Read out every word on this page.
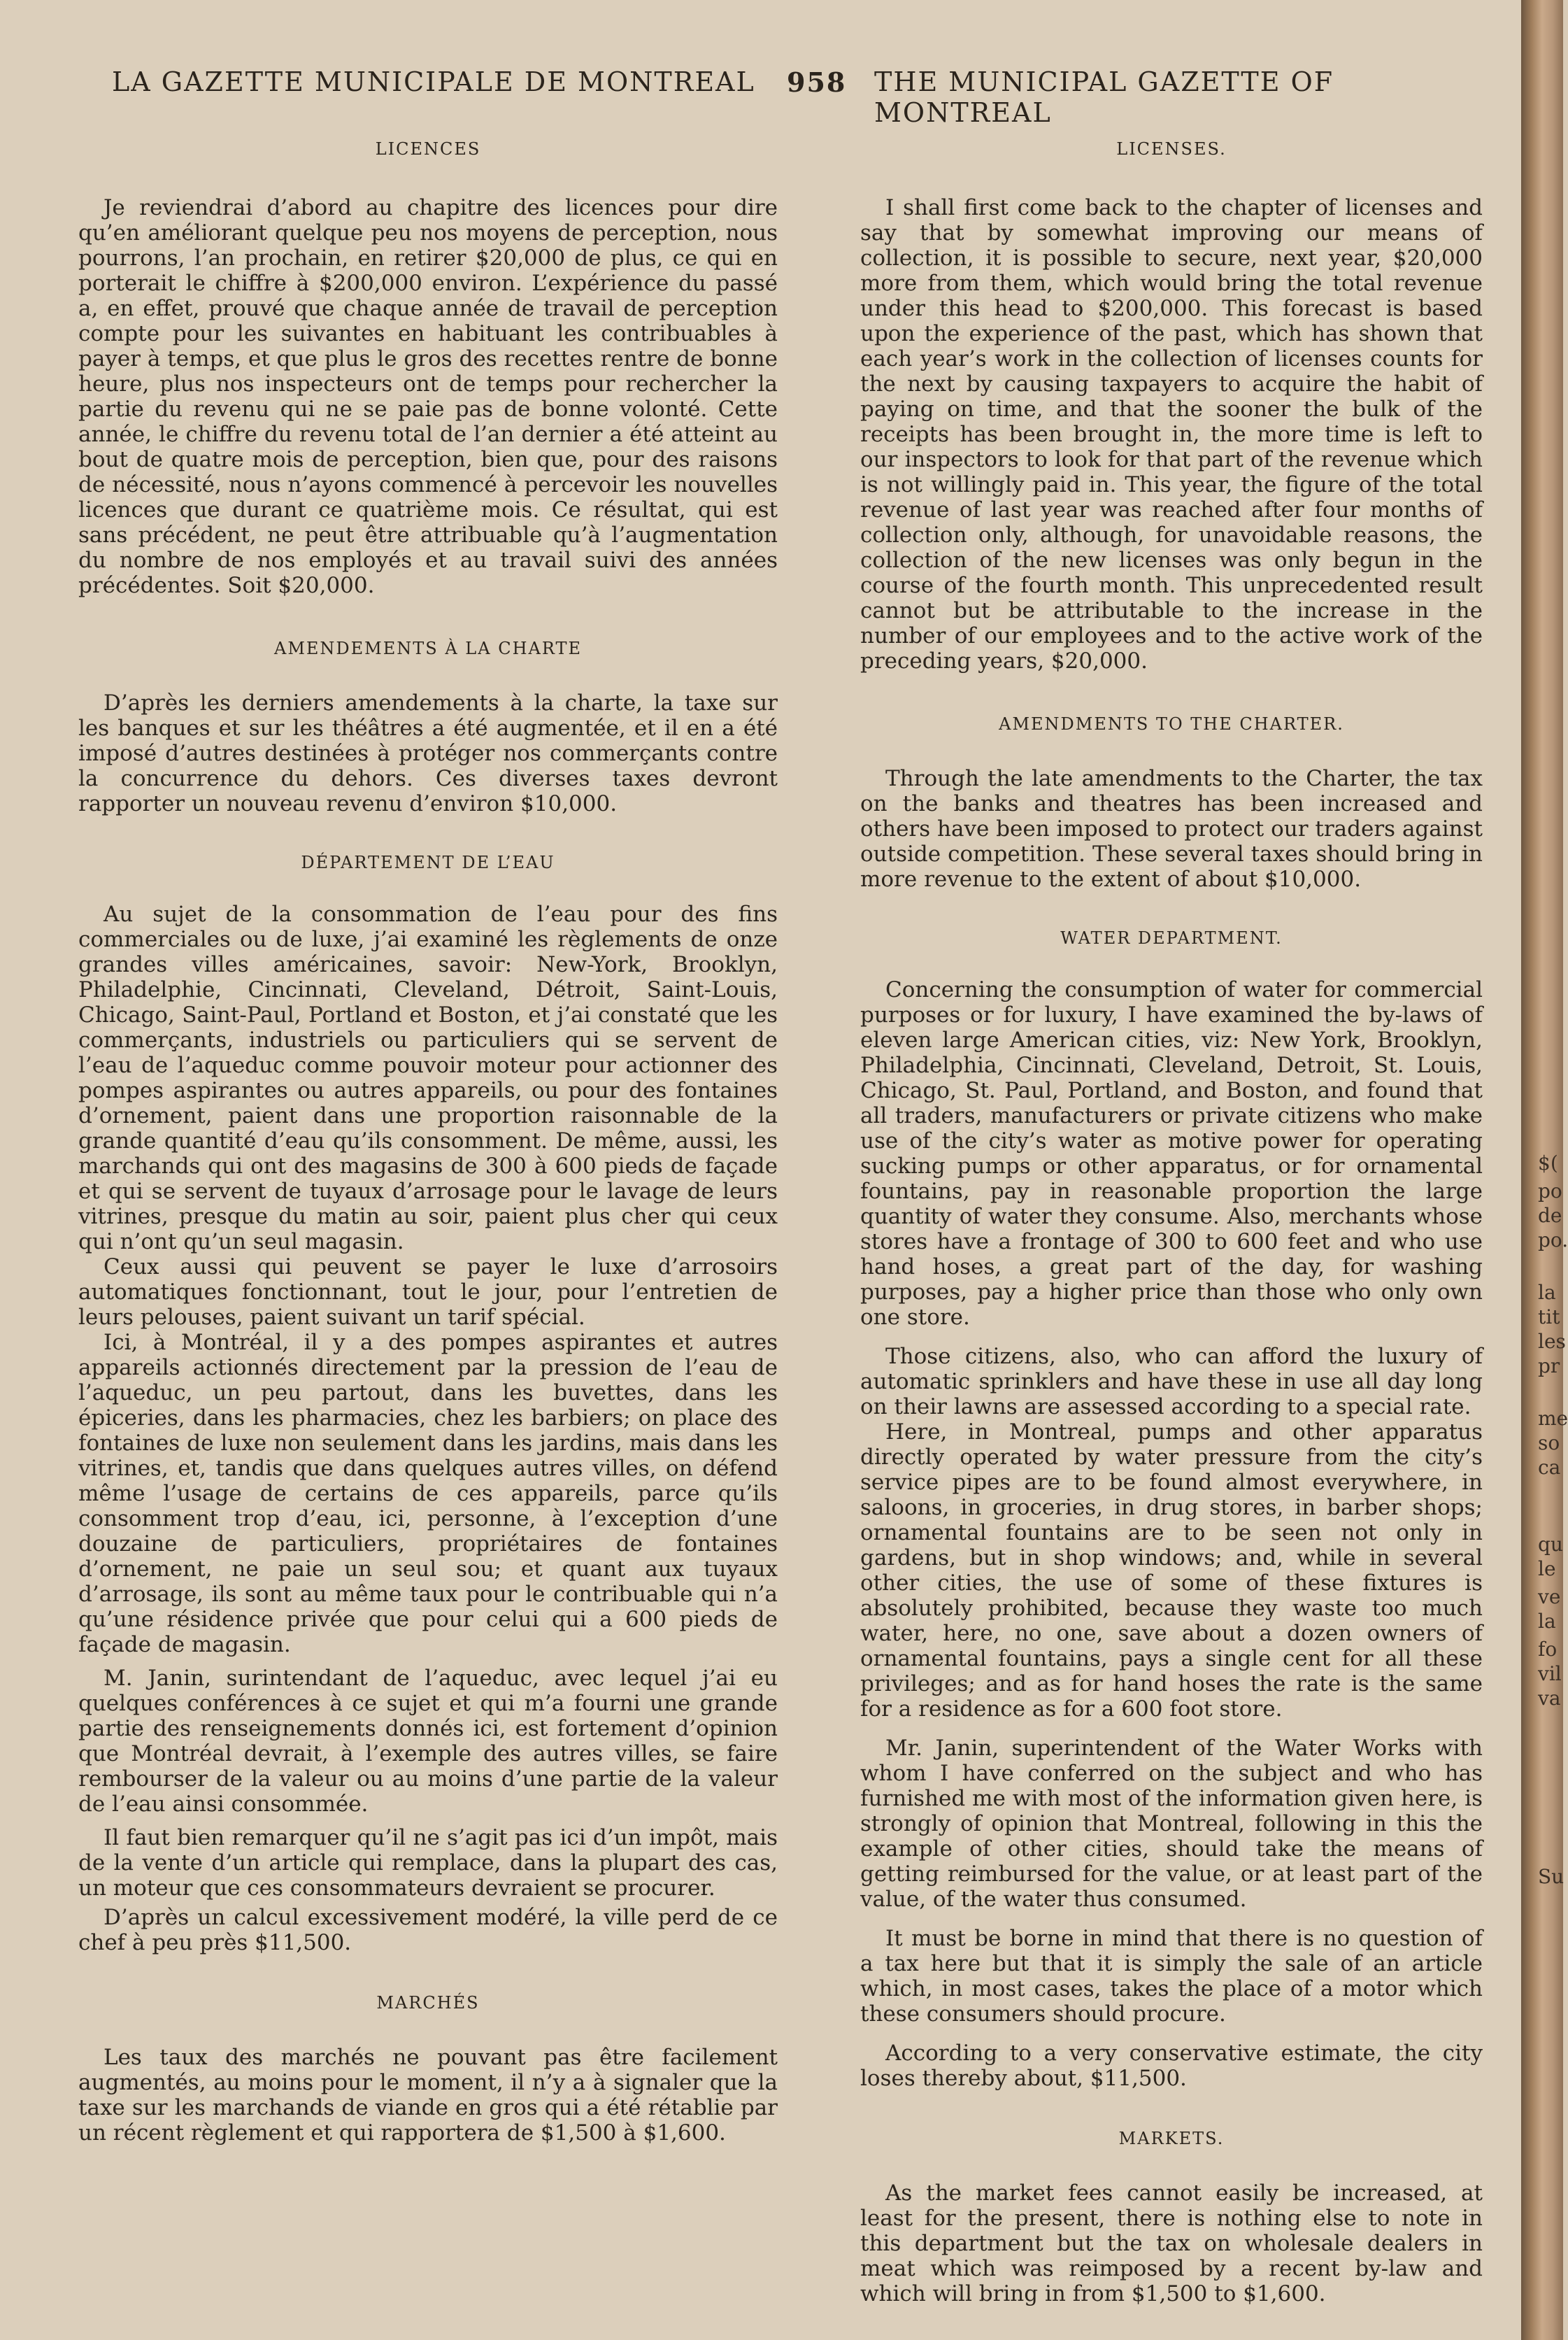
LA GAZETTE MUNICIPALE DE MONTREAL 958 THE MUNICIPAL GAZETTE OF MONTREAL
LICENCES

Je reviendrai d’abord au chapitre des licences pour dire qu’en améliorant quelque peu nos moyens de perception, nous pourrons, l’an prochain, en retirer $20,000 de plus, ce qui en porterait le chiffre à $200,000 environ. L’expérience du passé a, en effet, prouvé que chaque année de travail de perception compte pour les suivantes en habituant les contribuables à payer à temps, et que plus le gros des recettes rentre de bonne heure, plus nos inspecteurs ont de temps pour rechercher la partie du revenu qui ne se paie pas de bonne volonté. Cette année, le chiffre du revenu total de l’an dernier a été atteint au bout de quatre mois de perception, bien que, pour des raisons de nécessité, nous n’ayons commencé à percevoir les nouvelles licences que durant ce quatrième mois. Ce résultat, qui est sans précédent, ne peut être attribuable qu’à l’augmentation du nombre de nos employés et au travail suivi des années précédentes. Soit $20,000.

AMENDEMENTS À LA CHARTE

D’après les derniers amendements à la charte, la taxe sur les banques et sur les théâtres a été augmentée, et il en a été imposé d’autres destinées à protéger nos commerçants contre la concurrence du dehors. Ces diverses taxes devront rapporter un nouveau revenu d’environ $10,000.

DÉPARTEMENT DE L’EAU

Au sujet de la consommation de l’eau pour des fins commerciales ou de luxe, j’ai examiné les règlements de onze grandes villes américaines, savoir: New-York, Brooklyn, Philadelphie, Cincinnati, Cleveland, Détroit, Saint-Louis, Chicago, Saint-Paul, Portland et Boston, et j’ai constaté que les commerçants, industriels ou particuliers qui se servent de l’eau de l’aqueduc comme pouvoir moteur pour actionner des pompes aspirantes ou autres appareils, ou pour des fontaines d’ornement, paient dans une proportion raisonnable de la grande quantité d’eau qu’ils consomment. De même, aussi, les marchands qui ont des magasins de 300 à 600 pieds de façade et qui se servent de tuyaux d’arrosage pour le lavage de leurs vitrines, presque du matin au soir, paient plus cher qui ceux qui n’ont qu’un seul magasin.

Ceux aussi qui peuvent se payer le luxe d’arrosoirs automatiques fonctionnant, tout le jour, pour l’entretien de leurs pelouses, paient suivant un tarif spécial.

Ici, à Montréal, il y a des pompes aspirantes et autres appareils actionnés directement par la pression de l’eau de l’aqueduc, un peu partout, dans les buvettes, dans les épiceries, dans les pharmacies, chez les barbiers; on place des fontaines de luxe non seulement dans les jardins, mais dans les vitrines, et, tandis que dans quelques autres villes, on défend même l’usage de certains de ces appareils, parce qu’ils consomment trop d’eau, ici, personne, à l’exception d’une douzaine de particuliers, propriétaires de fontaines d’ornement, ne paie un seul sou; et quant aux tuyaux d’arrosage, ils sont au même taux pour le contribuable qui n’a qu’une résidence privée que pour celui qui a 600 pieds de façade de magasin.

M. Janin, surintendant de l’aqueduc, avec lequel j’ai eu quelques conférences à ce sujet et qui m’a fourni une grande partie des renseignements donnés ici, est fortement d’opinion que Montréal devrait, à l’exemple des autres villes, se faire rembourser de la valeur ou au moins d’une partie de la valeur de l’eau ainsi consommée.

Il faut bien remarquer qu’il ne s’agit pas ici d’un impôt, mais de la vente d’un article qui remplace, dans la plupart des cas, un moteur que ces consommateurs devraient se procurer.

D’après un calcul excessivement modéré, la ville perd de ce chef à peu près $11,500.

MARCHÉS

Les taux des marchés ne pouvant pas être facilement augmentés, au moins pour le moment, il n’y a à signaler que la taxe sur les marchands de viande en gros qui a été rétablie par un récent règlement et qui rapportera de $1,500 à $1,600.

LICENSES.

I shall first come back to the chapter of licenses and say that by somewhat improving our means of collection, it is possible to secure, next year, $20,000 more from them, which would bring the total revenue under this head to $200,000. This forecast is based upon the experience of the past, which has shown that each year’s work in the collection of licenses counts for the next by causing taxpayers to acquire the habit of paying on time, and that the sooner the bulk of the receipts has been brought in, the more time is left to our inspectors to look for that part of the revenue which is not willingly paid in. This year, the figure of the total revenue of last year was reached after four months of collection only, although, for unavoidable reasons, the collection of the new licenses was only begun in the course of the fourth month. This unprecedented result cannot but be attributable to the increase in the number of our employees and to the active work of the preceding years, $20,000.

AMENDMENTS TO THE CHARTER.

Through the late amendments to the Charter, the tax on the banks and theatres has been increased and others have been imposed to protect our traders against outside competition. These several taxes should bring in more revenue to the extent of about $10,000.

WATER DEPARTMENT.

Concerning the consumption of water for commercial purposes or for luxury, I have examined the by-laws of eleven large American cities, viz: New York, Brooklyn, Philadelphia, Cincinnati, Cleveland, Detroit, St. Louis, Chicago, St. Paul, Portland, and Boston, and found that all traders, manufacturers or private citizens who make use of the city’s water as motive power for operating sucking pumps or other apparatus, or for ornamental fountains, pay in reasonable proportion the large quantity of water they consume. Also, merchants whose stores have a frontage of 300 to 600 feet and who use hand hoses, a great part of the day, for washing purposes, pay a higher price than those who only own one store.

Those citizens, also, who can afford the luxury of automatic sprinklers and have these in use all day long on their lawns are assessed according to a special rate.

Here, in Montreal, pumps and other apparatus directly operated by water pressure from the city’s service pipes are to be found almost everywhere, in saloons, in groceries, in drug stores, in barber shops; ornamental fountains are to be seen not only in gardens, but in shop windows; and, while in several other cities, the use of some of these fixtures is absolutely prohibited, because they waste too much water, here, no one, save about a dozen owners of ornamental fountains, pays a single cent for all these privileges; and as for hand hoses the rate is the same for a residence as for a 600 foot store.

Mr. Janin, superintendent of the Water Works with whom I have conferred on the subject and who has furnished me with most of the information given here, is strongly of opinion that Montreal, following in this the example of other cities, should take the means of getting reimbursed for the value, or at least part of the value, of the water thus consumed.

It must be borne in mind that there is no question of a tax here but that it is simply the sale of an article which, in most cases, takes the place of a motor which these consumers should procure.

According to a very conservative estimate, the city loses thereby about, $11,500.

MARKETS.

As the market fees cannot easily be increased, at least for the present, there is nothing else to note in this department but the tax on wholesale dealers in meat which was reimposed by a recent by-law and which will bring in from $1,500 to $1,600.

$(
po
de
po.
la
tit
les
pr
me
so
ca
qu
le
ve
la
fo
vil
va
Su
